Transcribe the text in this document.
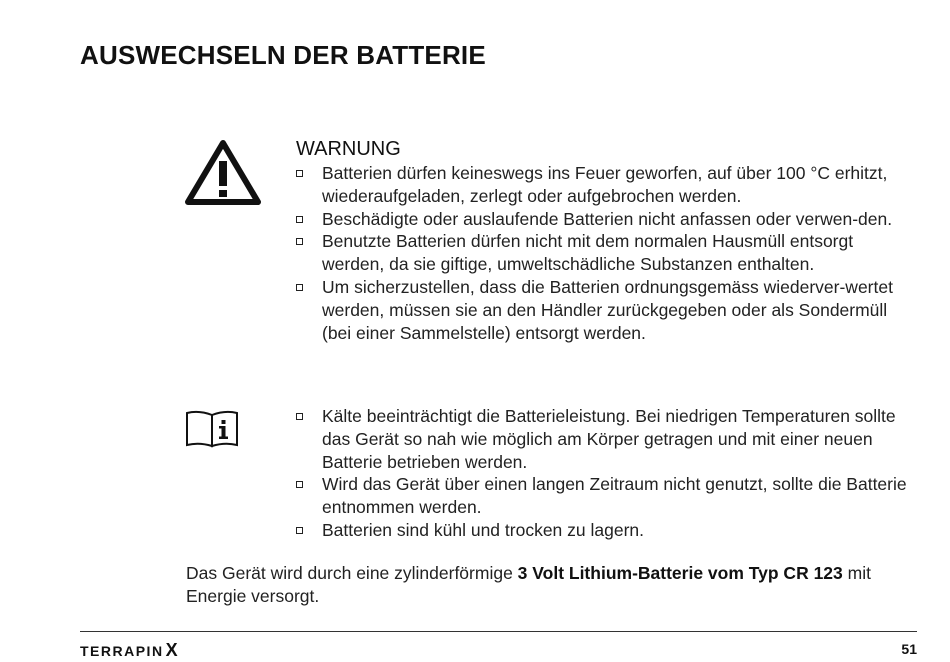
AUSWECHSELN DER BATTERIE
WARNUNG
Batterien dürfen keineswegs ins Feuer geworfen, auf über 100 °C erhitzt, wiederaufgeladen, zerlegt oder aufgebrochen werden.
Beschädigte oder auslaufende Batterien nicht anfassen oder verwen-den.
Benutzte Batterien dürfen nicht mit dem normalen Hausmüll entsorgt werden, da sie giftige, umweltschädliche Substanzen enthalten.
Um sicherzustellen, dass die Batterien ordnungsgemäss wiederver-wertet werden, müssen sie an den Händler zurückgegeben oder als Sondermüll (bei einer Sammelstelle) entsorgt werden.
Kälte beeinträchtigt die Batterieleistung. Bei niedrigen Temperaturen sollte das Gerät so nah wie möglich am Körper getragen und mit einer neuen Batterie betrieben werden.
Wird das Gerät über einen langen Zeitraum nicht genutzt, sollte die Batterie entnommen werden.
Batterien sind kühl und trocken zu lagern.

Das Gerät wird durch eine zylinderförmige 3 Volt Lithium-Batterie vom Typ CR 123 mit Energie versorgt.

TERRAPIN X	51
